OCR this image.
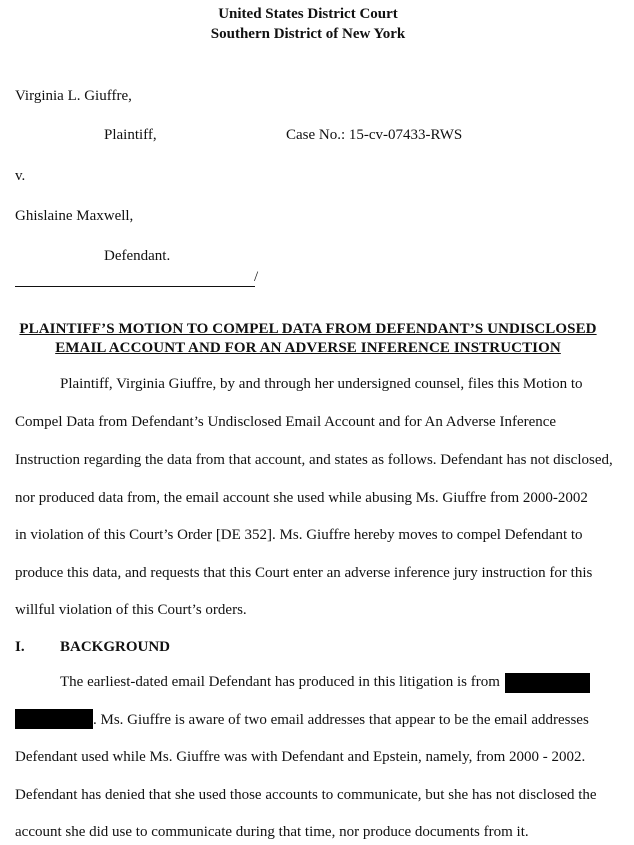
United States District Court
Southern District of New York
Virginia L. Giuffre,
Plaintiff,	Case No.: 15-cv-07433-RWS
v.
Ghislaine Maxwell,
Defendant.
/
PLAINTIFF’S MOTION TO COMPEL DATA FROM DEFENDANT’S UNDISCLOSED
EMAIL ACCOUNT AND FOR AN ADVERSE INFERENCE INSTRUCTION
Plaintiff, Virginia Giuffre, by and through her undersigned counsel, files this Motion to
Compel Data from Defendant’s Undisclosed Email Account and for An Adverse Inference
Instruction regarding the data from that account, and states as follows. Defendant has not disclosed,
nor produced data from, the email account she used while abusing Ms. Giuffre from 2000-2002
in violation of this Court’s Order [DE 352]. Ms. Giuffre hereby moves to compel Defendant to
produce this data, and requests that this Court enter an adverse inference jury instruction for this
willful violation of this Court’s orders.
I. BACKGROUND
The earliest-dated email Defendant has produced in this litigation is from
. Ms. Giuffre is aware of two email addresses that appear to be the email addresses
Defendant used while Ms. Giuffre was with Defendant and Epstein, namely, from 2000 - 2002.
Defendant has denied that she used those accounts to communicate, but she has not disclosed the
account she did use to communicate during that time, nor produce documents from it.
